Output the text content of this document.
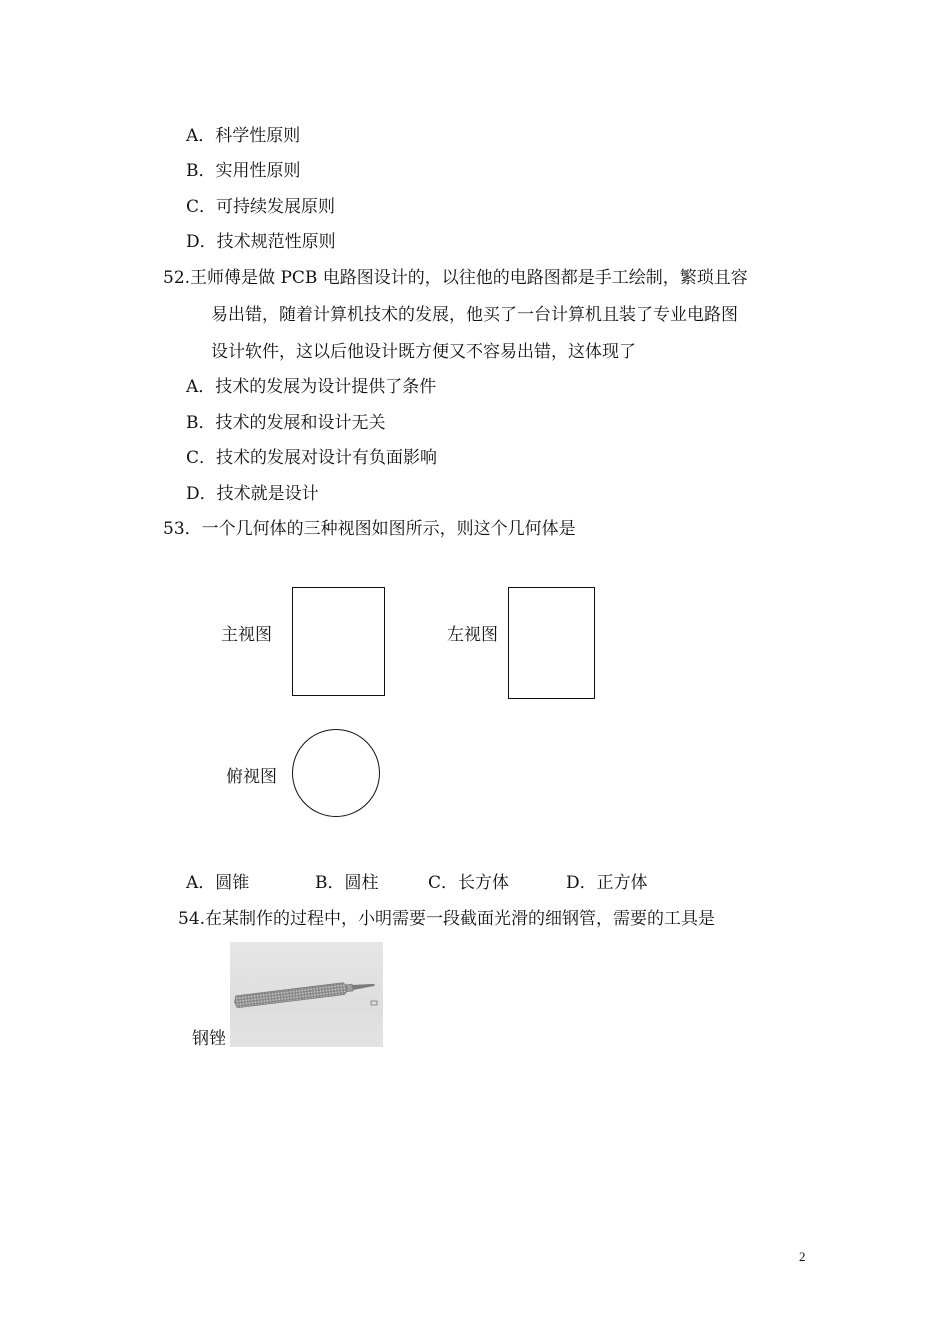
A．科学性原则
B．实用性原则
C．可持续发展原则
D．技术规范性原则
52.王师傅是做 PCB 电路图设计的，以往他的电路图都是手工绘制，繁琐且容
易出错，随着计算机技术的发展，他买了一台计算机且装了专业电路图
设计软件，这以后他设计既方便又不容易出错，这体现了
A．技术的发展为设计提供了条件
B．技术的发展和设计无关
C．技术的发展对设计有负面影响
D．技术就是设计
53．一个几何体的三种视图如图所示，则这个几何体是
主视图	左视图
俯视图
A．圆锥	B．圆柱	C．长方体	D．正方体
54.在某制作的过程中，小明需要一段截面光滑的细钢管，需要的工具是
钢锉
2
